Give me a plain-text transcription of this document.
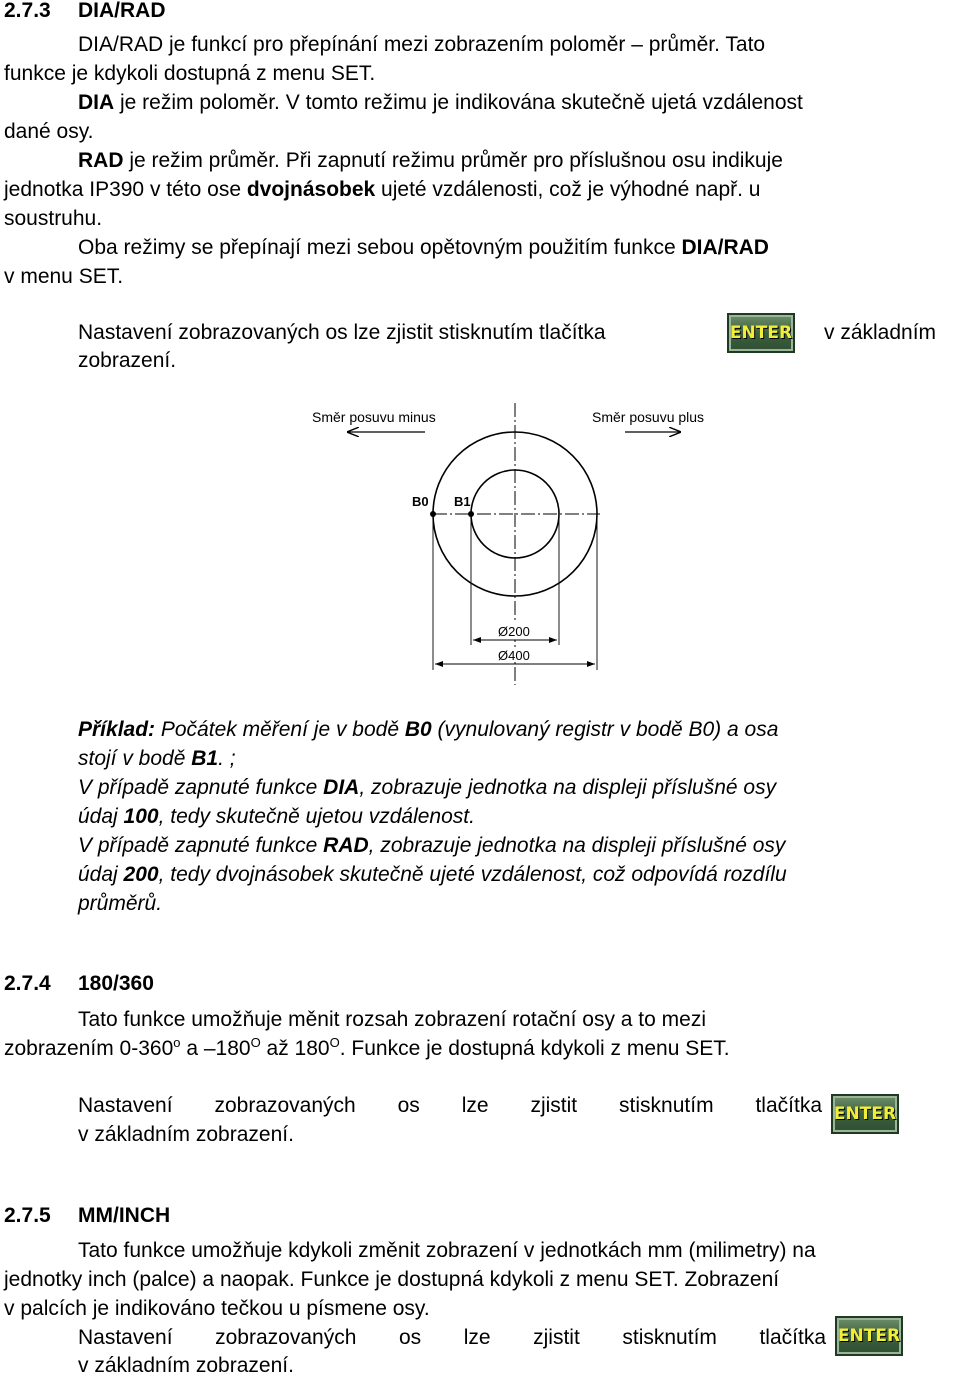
2.7.3 DIA/RAD
DIA/RAD je funkcí pro přepínání mezi zobrazením poloměr – průměr. Tato
funkce je kdykoli dostupná z menu SET.
DIA je režim poloměr. V tomto režimu je indikována skutečně ujetá vzdálenost
dané osy.
RAD je režim průměr. Při zapnutí režimu průměr pro příslušnou osu indikuje
jednotka IP390 v této ose dvojnásobek ujeté vzdálenosti, což je výhodné např. u
soustruhu.
Oba režimy se přepínají mezi sebou opětovným použitím funkce DIA/RAD
v menu SET.
Nastavení zobrazovaných os lze zjistit stisknutím tlačítka	ENTER v základním
zobrazení.
Směr posuvu minus	Směr posuvu plus
B0 B1
Ø200
Ø400
Příklad: Počátek měření je v bodě B0 (vynulovaný registr v bodě B0) a osa
stojí v bodě B1. ;
V případě zapnuté funkce DIA, zobrazuje jednotka na displeji příslušné osy
údaj 100, tedy skutečně ujetou vzdálenost.
V případě zapnuté funkce RAD, zobrazuje jednotka na displeji příslušné osy
údaj 200, tedy dvojnásobek skutečně ujeté vzdálenost, což odpovídá rozdílu
průměrů.
2.7.4 180/360
Tato funkce umožňuje měnit rozsah zobrazení rotační osy a to mezi
zobrazením 0-360$^o$ a $-180^O$ až $180^O$. Funkce je dostupná kdykoli z menu SET.
Nastavení zobrazovaných os lze zjistit stisknutím tlačítka ENTER
v základním zobrazení.
2.7.5 MM/INCH
Tato funkce umožňuje kdykoli změnit zobrazení v jednotkách mm (milimetry) na
jednotky inch (palce) a naopak. Funkce je dostupná kdykoli z menu SET. Zobrazení
v palcích je indikováno tečkou u písmene osy.
Nastavení zobrazovaných os lze zjistit stisknutím tlačítka ENTER
v základním zobrazení.
